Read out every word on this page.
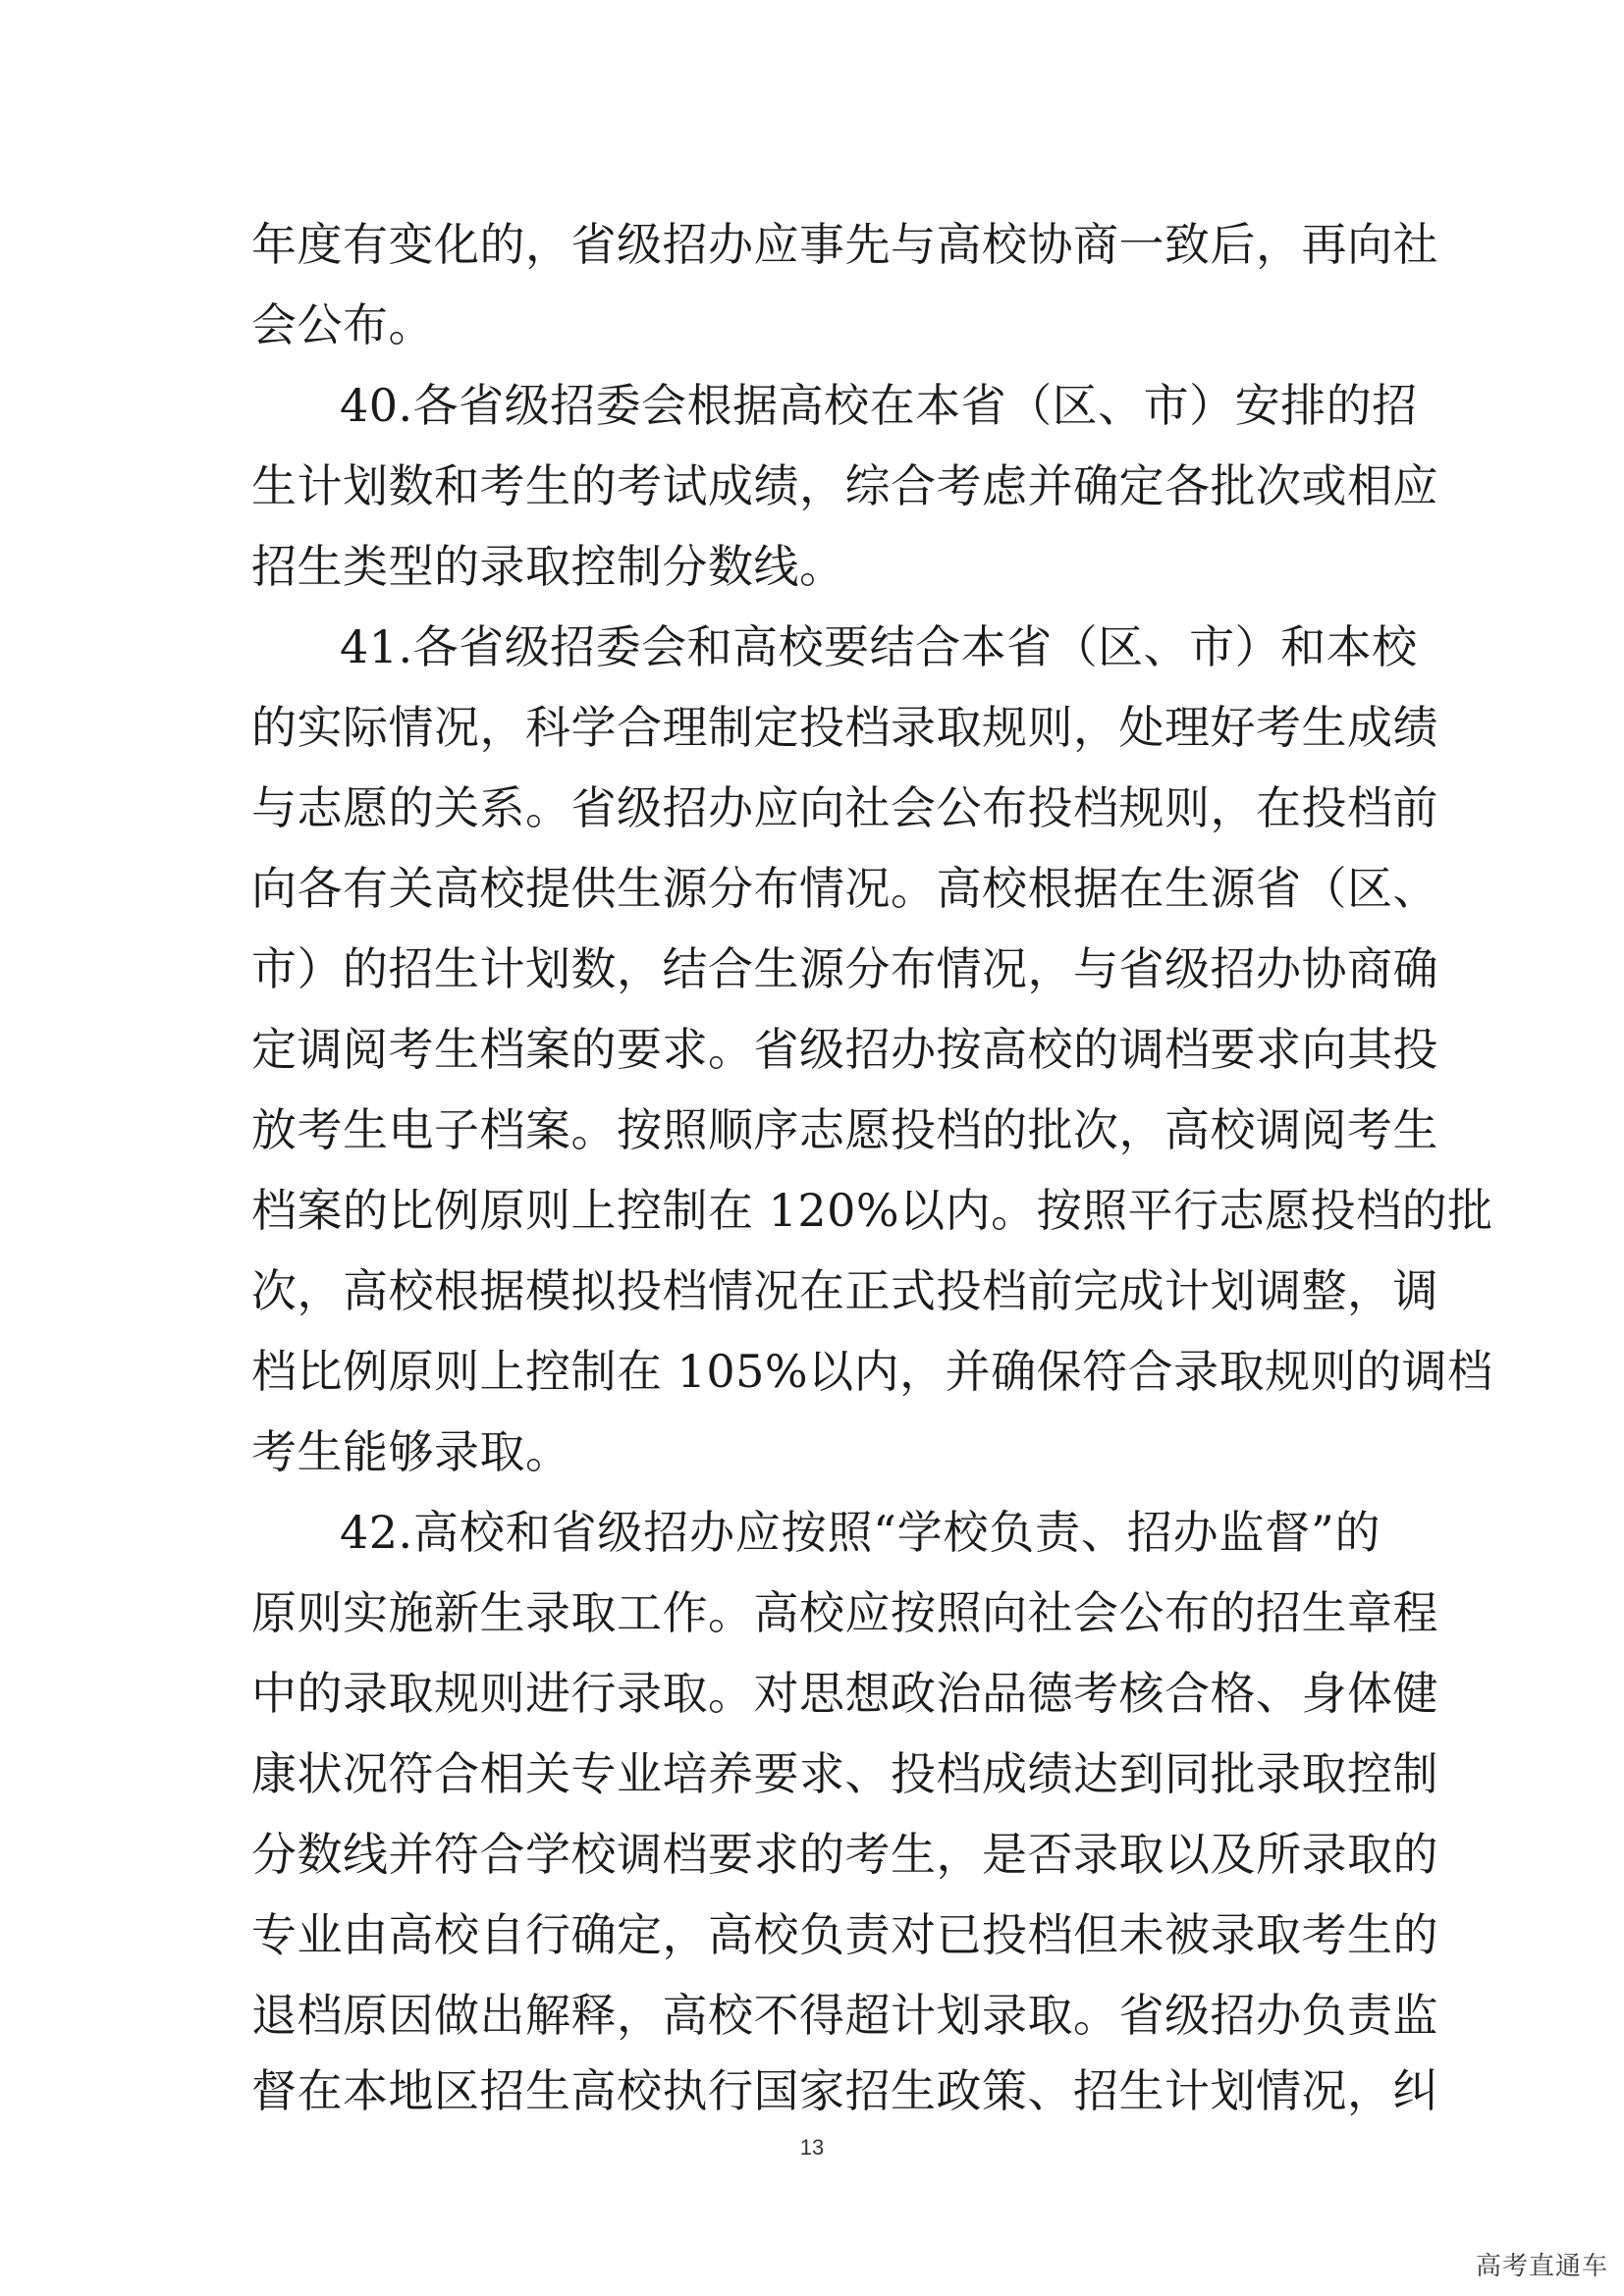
年度有变化的，省级招办应事先与高校协商一致后，再向社
会公布。
40.各省级招委会根据高校在本省（区、市）安排的招
生计划数和考生的考试成绩，综合考虑并确定各批次或相应
招生类型的录取控制分数线。
41.各省级招委会和高校要结合本省（区、市）和本校
的实际情况，科学合理制定投档录取规则，处理好考生成绩
与志愿的关系。省级招办应向社会公布投档规则，在投档前
向各有关高校提供生源分布情况。高校根据在生源省（区、
市）的招生计划数，结合生源分布情况，与省级招办协商确
定调阅考生档案的要求。省级招办按高校的调档要求向其投
放考生电子档案。按照顺序志愿投档的批次，高校调阅考生
档案的比例原则上控制在 120%以内。按照平行志愿投档的批
次，高校根据模拟投档情况在正式投档前完成计划调整，调
档比例原则上控制在 105%以内，并确保符合录取规则的调档
考生能够录取。
42.高校和省级招办应按照“学校负责、招办监督”的
原则实施新生录取工作。高校应按照向社会公布的招生章程
中的录取规则进行录取。对思想政治品德考核合格、身体健
康状况符合相关专业培养要求、投档成绩达到同批录取控制
分数线并符合学校调档要求的考生，是否录取以及所录取的
专业由高校自行确定，高校负责对已投档但未被录取考生的
退档原因做出解释，高校不得超计划录取。省级招办负责监
督在本地区招生高校执行国家招生政策、招生计划情况，纠
13
高考直通车
